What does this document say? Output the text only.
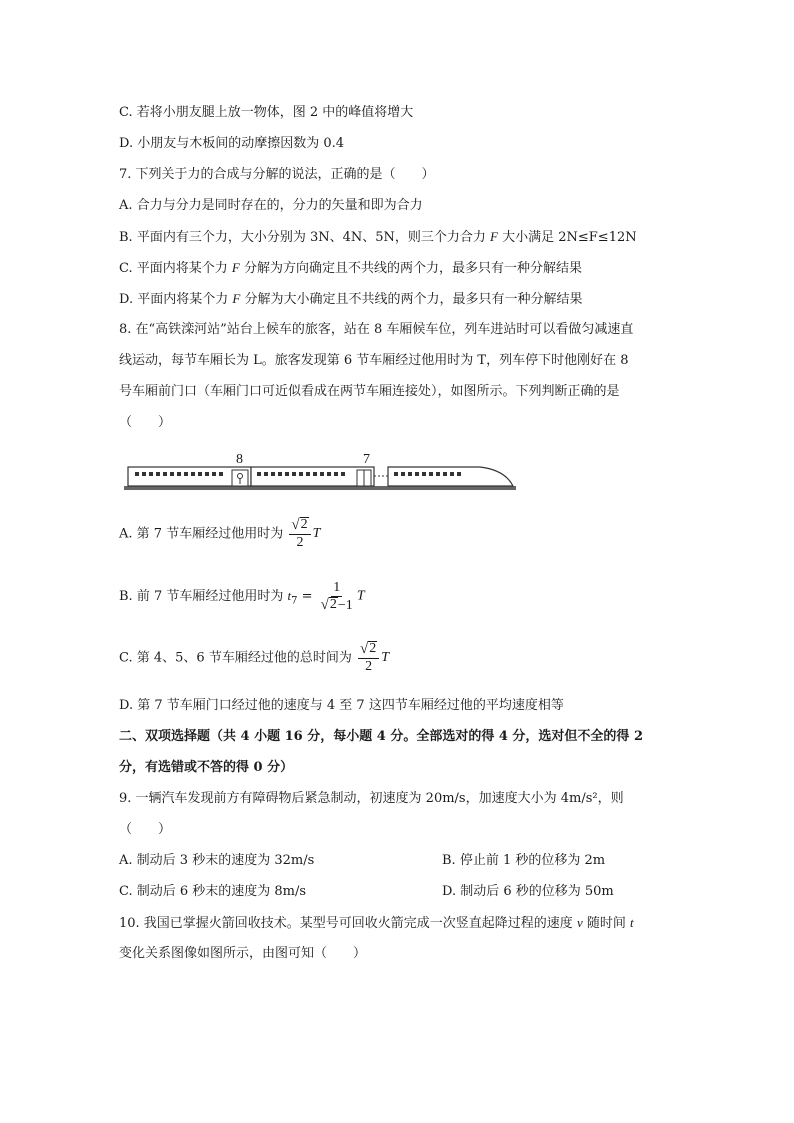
C. 若将小朋友腿上放一物体，图 2 中的峰值将增大
D. 小朋友与木板间的动摩擦因数为 0.4
7. 下列关于力的合成与分解的说法，正确的是（　　）
A. 合力与分力是同时存在的，分力的矢量和即为合力
B. 平面内有三个力，大小分别为 3N、4N、5N，则三个力合力 F 大小满足 2N≤F≤12N
C. 平面内将某个力 F 分解为方向确定且不共线的两个力，最多只有一种分解结果
D. 平面内将某个力 F 分解为大小确定且不共线的两个力，最多只有一种分解结果
8. 在“高铁滦河站”站台上候车的旅客，站在 8 车厢候车位，列车进站时可以看做匀减速直
线运动，每节车厢长为 L。旅客发现第 6 节车厢经过他用时为 T，列车停下时他刚好在 8
号车厢前门口（车厢门口可近似看成在两节车厢连接处），如图所示。下列判断正确的是
（　　）
8	7
A. 第 7 节车厢经过他用时为 $\frac{√ 2}{2}$ T
B. 前 7 节车厢经过他用时为 $t_7 = \frac{1}{√ 2 -1}$ T
C. 第 4、5、6 节车厢经过他的总时间为 $\frac{√ 2}{2}$ T
D. 第 7 节车厢门口经过他的速度与 4 至 7 这四节车厢经过他的平均速度相等
二、双项选择题（共 4 小题 16 分，每小题 4 分。全部选对的得 4 分，选对但不全的得 2
分，有选错或不答的得 0 分）
9. 一辆汽车发现前方有障碍物后紧急制动，初速度为 20m/s，加速度大小为 4m/s²，则
（　　）
A. 制动后 3 秒末的速度为 32m/s	B. 停止前 1 秒的位移为 2m
C. 制动后 6 秒末的速度为 8m/s	D. 制动后 6 秒的位移为 50m
10. 我国已掌握火箭回收技术。某型号可回收火箭完成一次竖直起降过程的速度 v 随时间 t
变化关系图像如图所示，由图可知（　　）
